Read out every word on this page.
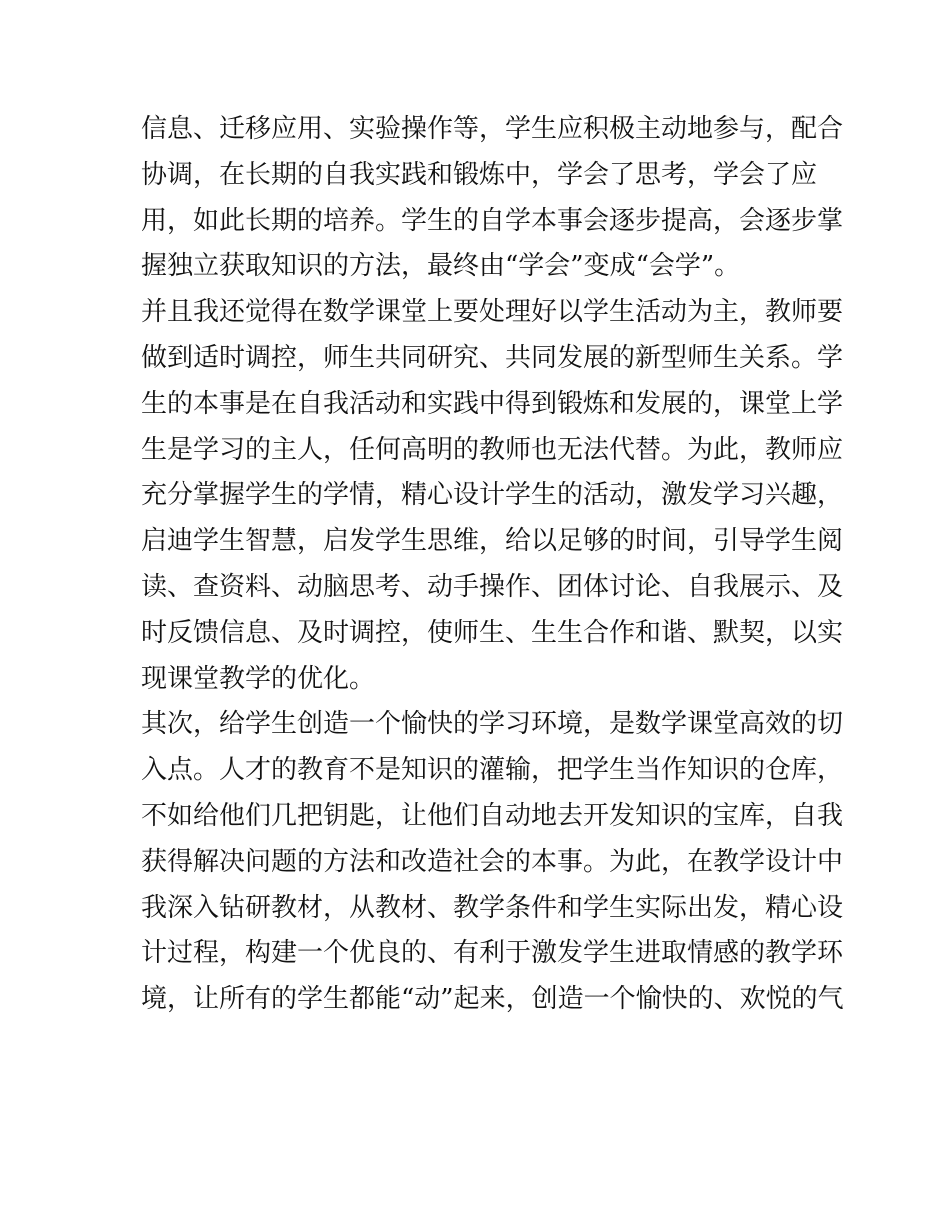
信息、迁移应用、实验操作等，学生应积极主动地参与，配合
协调，在长期的自我实践和锻炼中，学会了思考，学会了应
用，如此长期的培养。学生的自学本事会逐步提高，会逐步掌
握独立获取知识的方法，最终由“学会”变成“会学”。
并且我还觉得在数学课堂上要处理好以学生活动为主，教师要
做到适时调控，师生共同研究、共同发展的新型师生关系。学
生的本事是在自我活动和实践中得到锻炼和发展的，课堂上学
生是学习的主人，任何高明的教师也无法代替。为此，教师应
充分掌握学生的学情，精心设计学生的活动，激发学习兴趣，
启迪学生智慧，启发学生思维，给以足够的时间，引导学生阅
读、查资料、动脑思考、动手操作、团体讨论、自我展示、及
时反馈信息、及时调控，使师生、生生合作和谐、默契，以实
现课堂教学的优化。
其次，给学生创造一个愉快的学习环境，是数学课堂高效的切
入点。人才的教育不是知识的灌输，把学生当作知识的仓库，
不如给他们几把钥匙，让他们自动地去开发知识的宝库，自我
获得解决问题的方法和改造社会的本事。为此，在教学设计中
我深入钻研教材，从教材、教学条件和学生实际出发，精心设
计过程，构建一个优良的、有利于激发学生进取情感的教学环
境，让所有的学生都能“动”起来，创造一个愉快的、欢悦的气
